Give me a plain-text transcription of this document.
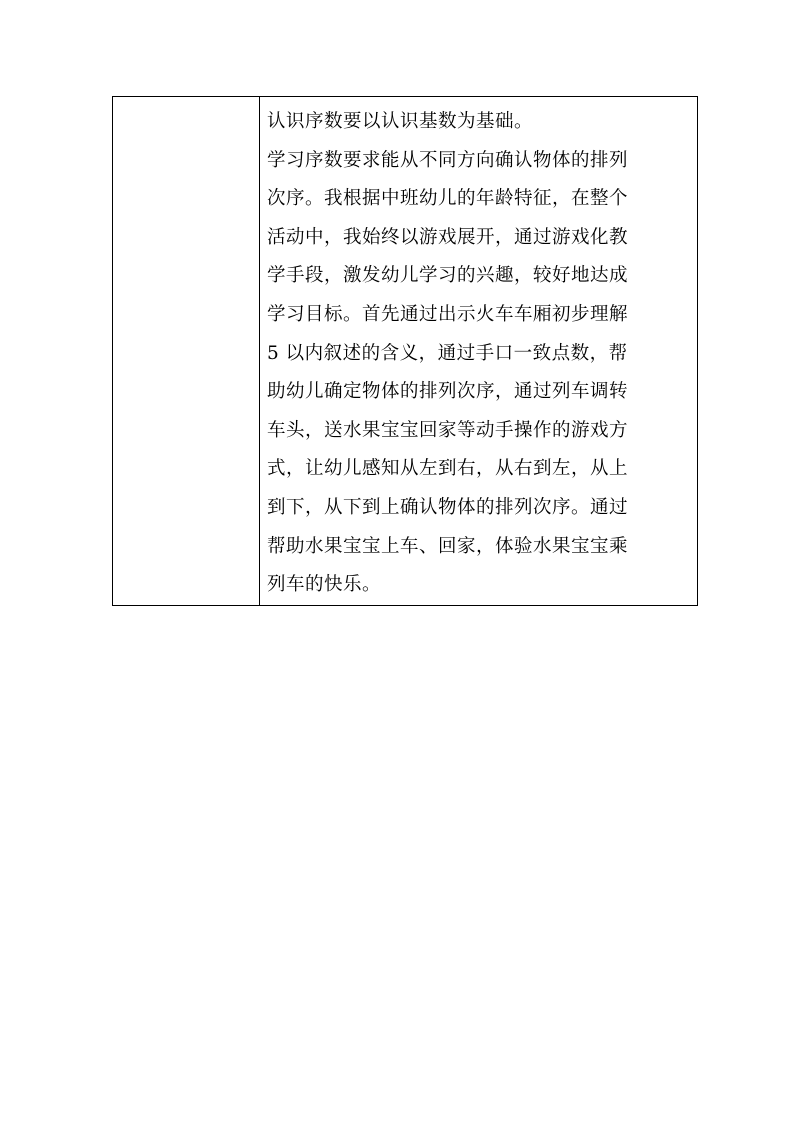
认识序数要以认识基数为基础。
学习序数要求能从不同方向确认物体的排列
次序。我根据中班幼儿的年龄特征，在整个
活动中，我始终以游戏展开，通过游戏化教
学手段，激发幼儿学习的兴趣，较好地达成
学习目标。首先通过出示火车车厢初步理解
5 以内叙述的含义，通过手口一致点数，帮
助幼儿确定物体的排列次序，通过列车调转
车头，送水果宝宝回家等动手操作的游戏方
式，让幼儿感知从左到右，从右到左，从上
到下，从下到上确认物体的排列次序。通过
帮助水果宝宝上车、回家，体验水果宝宝乘
列车的快乐。
